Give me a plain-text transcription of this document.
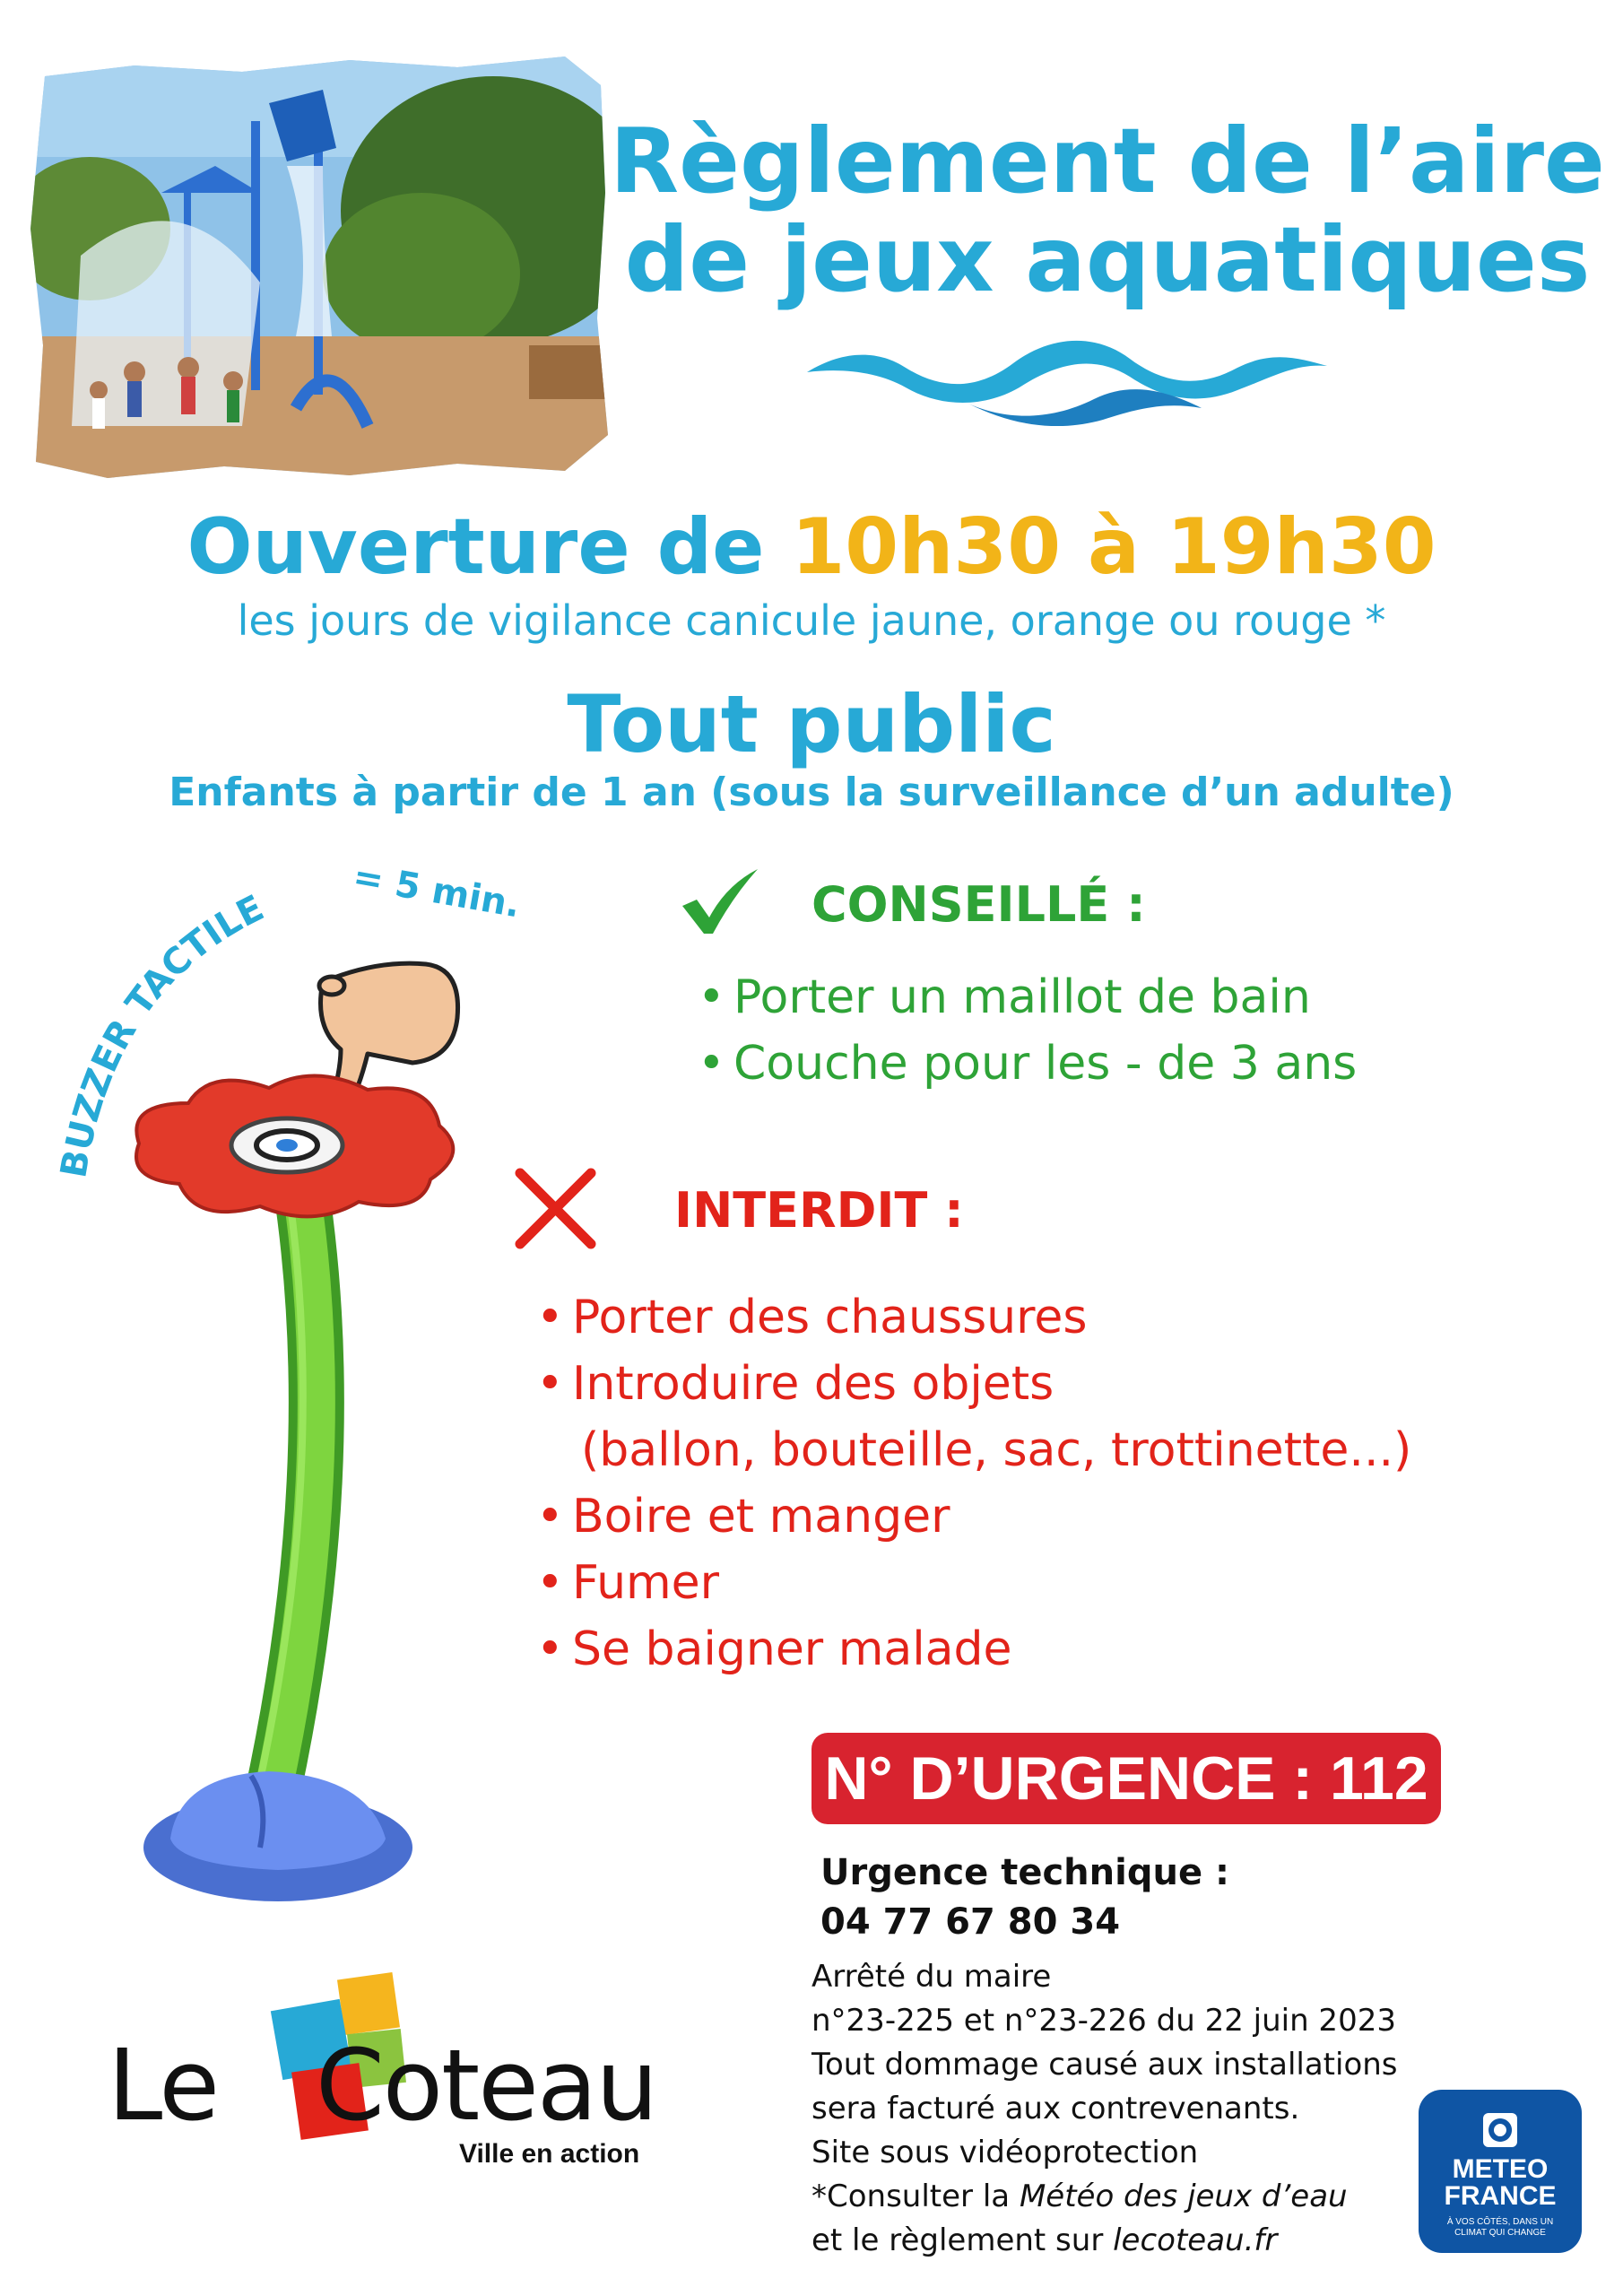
Règlement de l’aire
de jeux aquatiques
Ouverture de 10h30 à 19h30
les jours de vigilance canicule jaune, orange ou rouge *
Tout public
Enfants à partir de 1 an (sous la surveillance d’un adulte)
BUZZER TACTILE = 5 min.	CONSEILLÉ :
• Porter un maillot de bain
• Couche pour les - de 3 ans
INTERDIT :
• Porter des chaussures
• Introduire des objets
(ballon, bouteille, sac, trottinette...)
• Boire et manger
• Fumer
• Se baigner malade
N° D’URGENCE : 112
Urgence technique :
04 77 67 80 34
Arrêté du maire
n°23-225 et n°23-226 du 22 juin 2023
Tout dommage causé aux installations
sera facturé aux contrevenants.
Site sous vidéoprotection
*Consulter la Météo des jeux d’eau
et le règlement sur lecoteau.fr
Le Coteau
Ville en action
METEO
FRANCE
À VOS CÔTÉS, DANS UN
CLIMAT QUI CHANGE
